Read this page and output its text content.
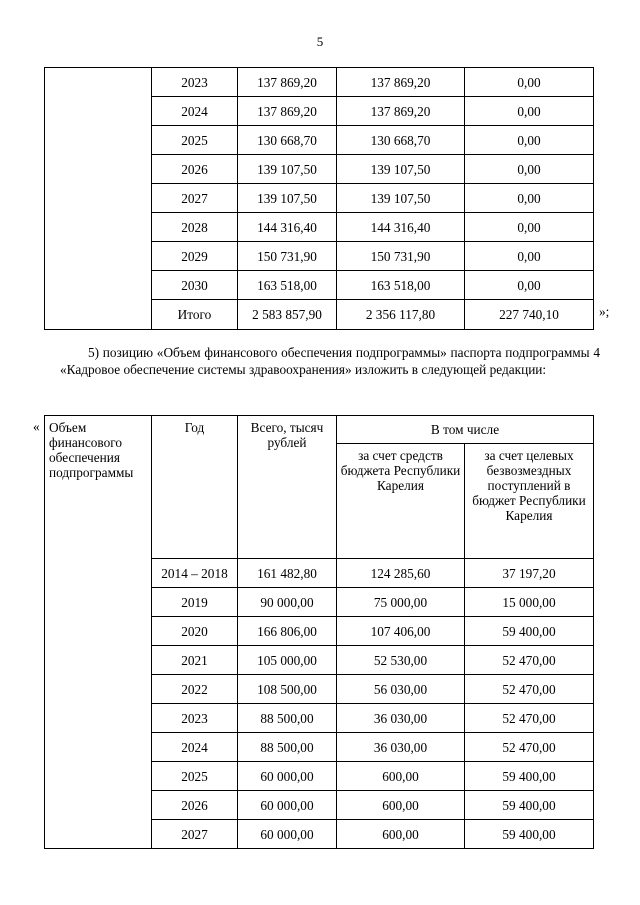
5
	2023	137 869,20	137 869,20	0,00
	2024	137 869,20	137 869,20	0,00
	2025	130 668,70	130 668,70	0,00
	2026	139 107,50	139 107,50	0,00
	2027	139 107,50	139 107,50	0,00
	2028	144 316,40	144 316,40	0,00
	2029	150 731,90	150 731,90	0,00
	2030	163 518,00	163 518,00	0,00
	Итого	2 583 857,90	2 356 117,80	227 740,10	»;
5) позицию «Объем финансового обеспечения подпрограммы» паспорта подпрограммы 4 «Кадровое обеспечение системы здравоохранения» изложить в следующей редакции:
« Объем финансового обеспечения подпрограммы	Год	Всего, тысяч рублей	В том числе	
			за счет средств бюджета Республики Карелия	за счет целевых безвозмездных поступлений в бюджет Республики Карелия
	2014 – 2018	161 482,80	124 285,60	37 197,20
	2019	90 000,00	75 000,00	15 000,00
	2020	166 806,00	107 406,00	59 400,00
	2021	105 000,00	52 530,00	52 470,00
	2022	108 500,00	56 030,00	52 470,00
	2023	88 500,00	36 030,00	52 470,00
	2024	88 500,00	36 030,00	52 470,00
	2025	60 000,00	600,00	59 400,00
	2026	60 000,00	600,00	59 400,00
	2027	60 000,00	600,00	59 400,00
